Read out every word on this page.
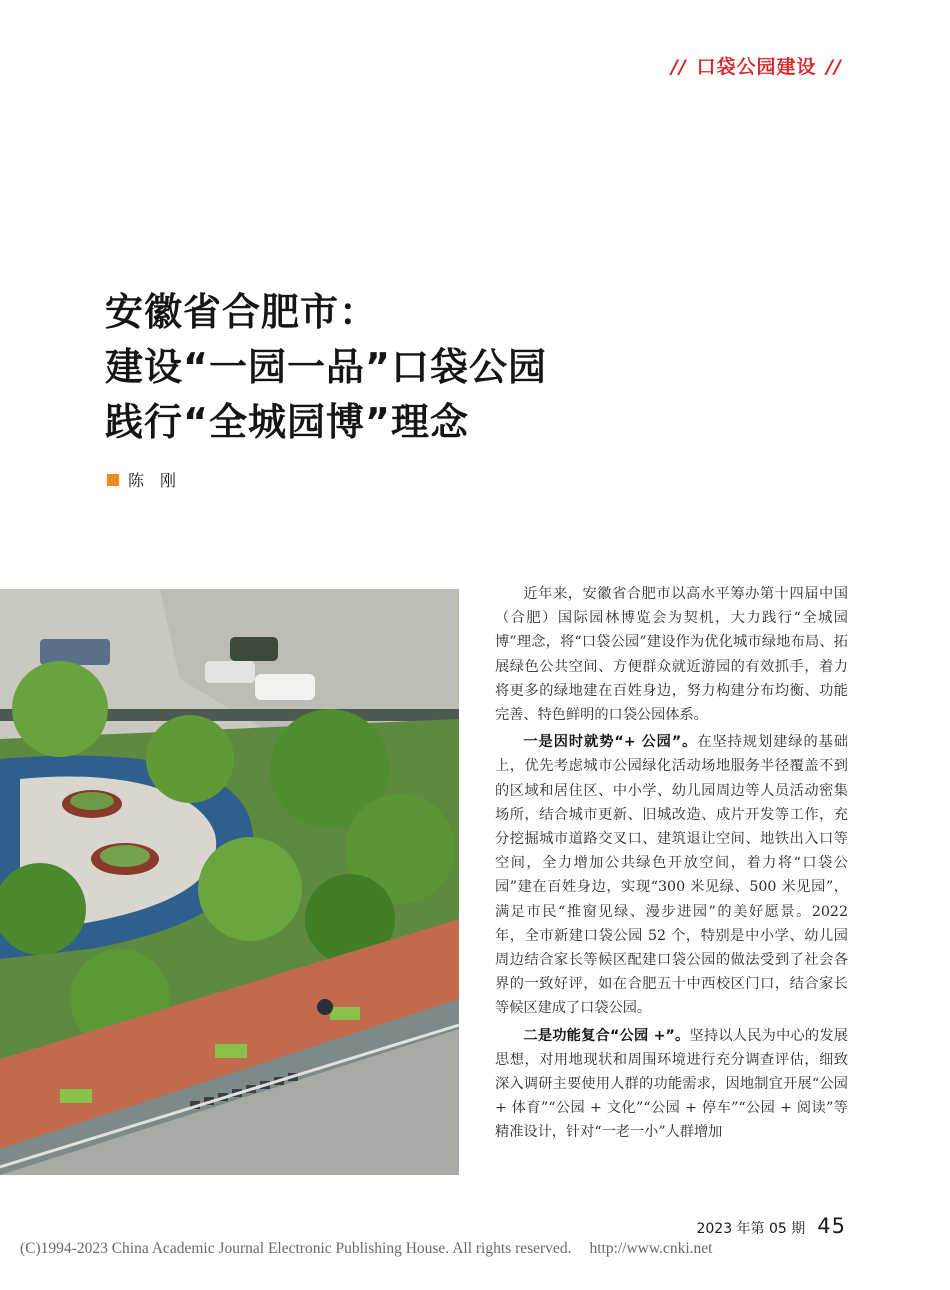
// 口袋公园建设 //
安徽省合肥市：
建设“一园一品”口袋公园
践行“全城园博”理念
陈刚

近年来，安徽省合肥市以高水平筹办第十四届中国（合肥）国际园林博览会为契机，大力践行“全城园博”理念，将“口袋公园”建设作为优化城市绿地布局、拓展绿色公共空间、方便群众就近游园的有效抓手，着力将更多的绿地建在百姓身边，努力构建分布均衡、功能完善、特色鲜明的口袋公园体系。

一是因时就势“+ 公园”。在坚持规划建绿的基础上，优先考虑城市公园绿化活动场地服务半径覆盖不到的区域和居住区、中小学、幼儿园周边等人员活动密集场所，结合城市更新、旧城改造、成片开发等工作，充分挖掘城市道路交叉口、建筑退让空间、地铁出入口等空间，全力增加公共绿色开放空间，着力将“口袋公园”建在百姓身边，实现“300 米见绿、500 米见园”，满足市民“推窗见绿、漫步进园”的美好愿景。2022 年，全市新建口袋公园 52 个，特别是中小学、幼儿园周边结合家长等候区配建口袋公园的做法受到了社会各界的一致好评，如在合肥五十中西校区门口，结合家长等候区建成了口袋公园。

二是功能复合“公园 +”。坚持以人民为中心的发展思想，对用地现状和周围环境进行充分调查评估，细致深入调研主要使用人群的功能需求，因地制宜开展“公园 + 体育”“公园 + 文化”“公园 + 停车”“公园 + 阅读”等精准设计，针对“一老一小”人群增加

2023 年第 05 期 45
(C)1994-2023 China Academic Journal Electronic Publishing House. All rights reserved. http://www.cnki.net
